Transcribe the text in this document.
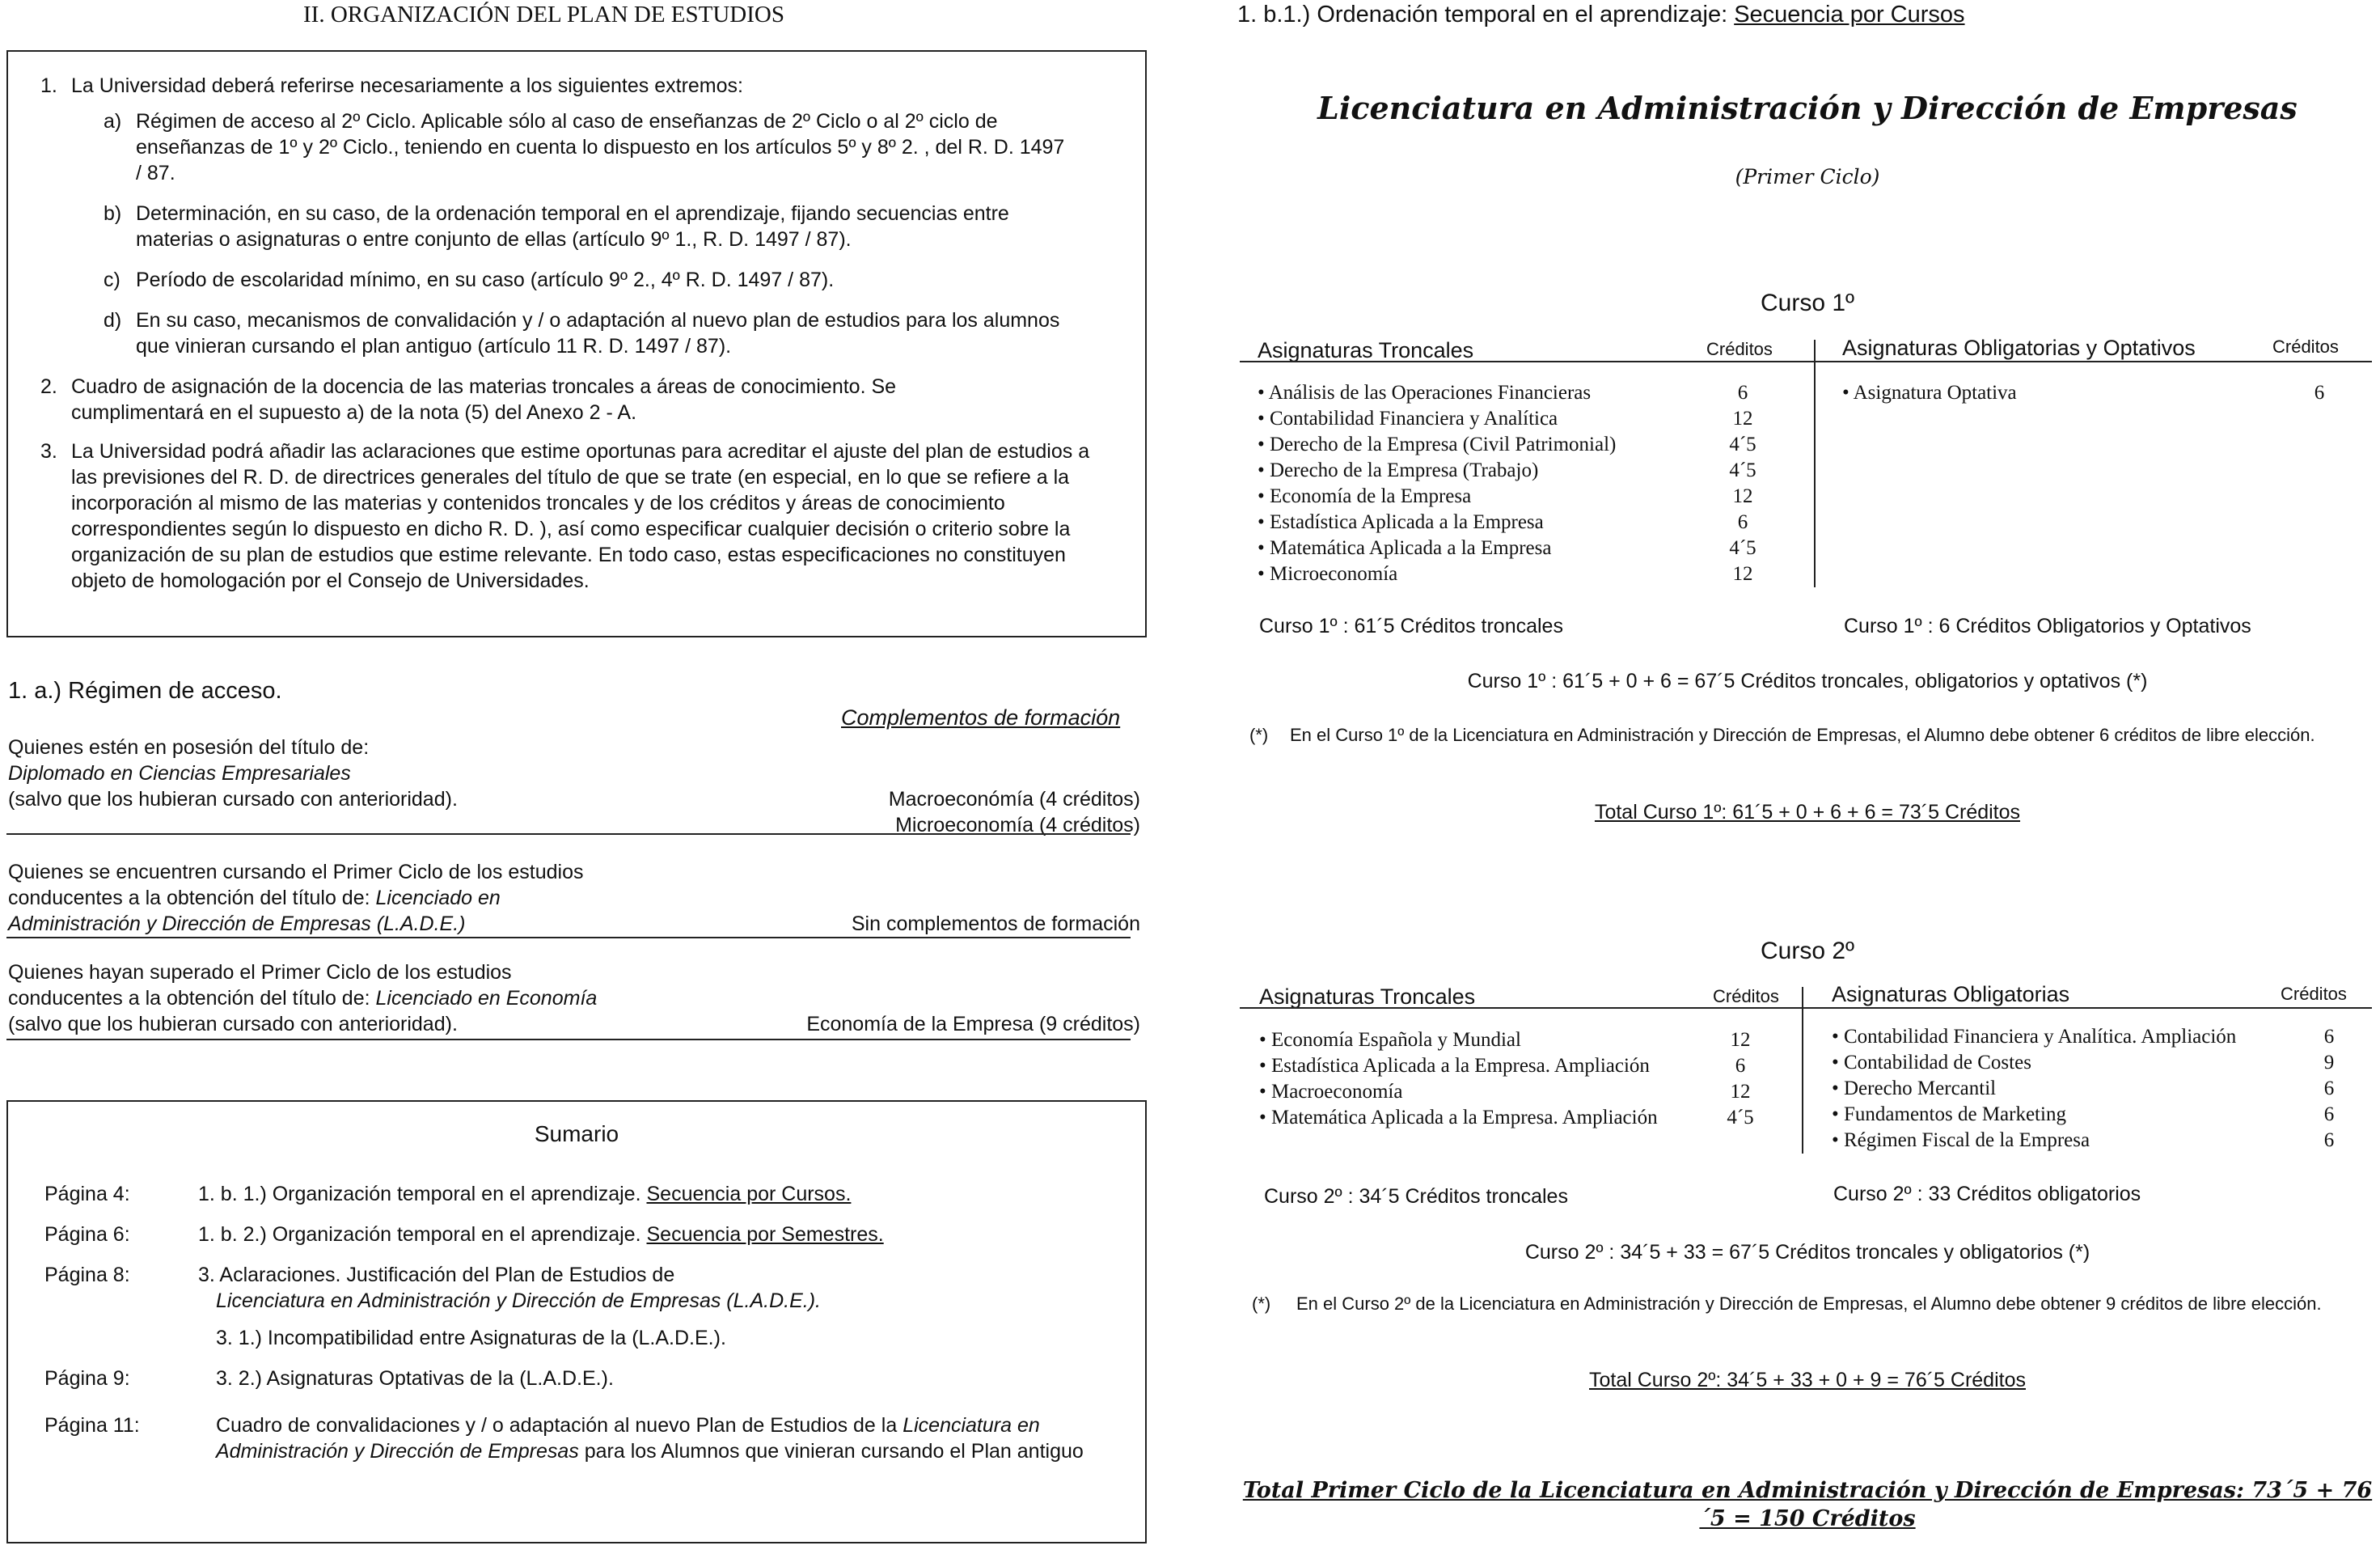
II. ORGANIZACIÓN DEL PLAN DE ESTUDIOS
1. La Universidad deberá referirse necesariamente a los siguientes extremos:
a) Régimen de acceso al 2º Ciclo. Aplicable sólo al caso de enseñanzas de 2º Ciclo o al 2º ciclo de enseñanzas de 1º y 2º Ciclo., teniendo en cuenta lo dispuesto en los artículos 5º y 8º 2. , del R. D. 1497 / 87.
b) Determinación, en su caso, de la ordenación temporal en el aprendizaje, fijando secuencias entre materias o asignaturas o entre conjunto de ellas (artículo 9º 1., R. D. 1497 / 87).
c) Período de escolaridad mínimo, en su caso (artículo 9º 2., 4º R. D. 1497 / 87).
d) En su caso, mecanismos de convalidación y / o adaptación al nuevo plan de estudios para los alumnos que vinieran cursando el plan antiguo (artículo 11 R. D. 1497 / 87).
2. Cuadro de asignación de la docencia de las materias troncales a áreas de conocimiento. Se cumplimentará en el supuesto a) de la nota (5) del Anexo 2 - A.
3. La Universidad podrá añadir las aclaraciones que estime oportunas para acreditar el ajuste del plan de estudios a las previsiones del R. D. de directrices generales del título de que se trate (en especial, en lo que se refiere a la incorporación al mismo de las materias y contenidos troncales y de los créditos y áreas de conocimiento correspondientes según lo dispuesto en dicho R. D. ), así como especificar cualquier decisión o criterio sobre la organización de su plan de estudios que estime relevante. En todo caso, estas especificaciones no constituyen objeto de homologación por el Consejo de Universidades.
1. a.) Régimen de acceso.
Complementos de formación
Quienes estén en posesión del título de:
Diplomado en Ciencias Empresariales
(salvo que los hubieran cursado con anterioridad).	Macroeconómía (4 créditos)
Microeconomía (4 créditos)
Quienes se encuentren cursando el Primer Ciclo de los estudios
conducentes a la obtención del título de: Licenciado en
Administración y Dirección de Empresas (L.A.D.E.)	Sin complementos de formación
Quienes hayan superado el Primer Ciclo de los estudios
conducentes a la obtención del título de: Licenciado en Economía
(salvo que los hubieran cursado con anterioridad).	Economía de la Empresa (9 créditos)
Sumario
Página 4:	1. b. 1.) Organización temporal en el aprendizaje. Secuencia por Cursos.
Página 6:	1. b. 2.) Organización temporal en el aprendizaje. Secuencia por Semestres.
Página 8:	3. Aclaraciones. Justificación del Plan de Estudios de
Licenciatura en Administración y Dirección de Empresas (L.A.D.E.).
3. 1.) Incompatibilidad entre Asignaturas de la (L.A.D.E.).
Página 9:	3. 2.) Asignaturas Optativas de la (L.A.D.E.).
Página 11:	Cuadro de convalidaciones y / o adaptación al nuevo Plan de Estudios de la Licenciatura en Administración y Dirección de Empresas para los Alumnos que vinieran cursando el Plan antiguo
1. b.1.) Ordenación temporal en el aprendizaje: Secuencia por Cursos
Licenciatura en Administración y Dirección de Empresas
(Primer Ciclo)
Curso 1º
Asignaturas Troncales	Créditos	Asignaturas Obligatorias y Optativos	Créditos
• Análisis de las Operaciones Financieras	6
• Contabilidad Financiera y Analítica	12
• Derecho de la Empresa (Civil Patrimonial)	4´5
• Derecho de la Empresa (Trabajo)	4´5
• Economía de la Empresa	12
• Estadística Aplicada a la Empresa	6
• Matemática Aplicada a la Empresa	4´5
• Microeconomía	12
• Asignatura Optativa	6
Curso 1º : 61´5 Créditos troncales	Curso 1º : 6 Créditos Obligatorios y Optativos
Curso 1º : 61´5 + 0 + 6 = 67´5 Créditos troncales, obligatorios y optativos (*)
(*) En el Curso 1º de la Licenciatura en Administración y Dirección de Empresas, el Alumno debe obtener 6 créditos de libre elección.
Total Curso 1º: 61´5 + 0 + 6 + 6 = 73´5 Créditos
Curso 2º
Asignaturas Troncales	Créditos Asignaturas Obligatorias	Créditos
• Economía Española y Mundial	12
• Estadística Aplicada a la Empresa. Ampliación	6
• Macroeconomía	12
• Matemática Aplicada a la Empresa. Ampliación	4´5
• Contabilidad Financiera y Analítica. Ampliación	6
• Contabilidad de Costes	9
• Derecho Mercantil	6
• Fundamentos de Marketing	6
• Régimen Fiscal de la Empresa	6
Curso 2º : 34´5 Créditos troncales	Curso 2º : 33 Créditos obligatorios
Curso 2º : 34´5 + 33 = 67´5 Créditos troncales y obligatorios (*)
(*) En el Curso 2º de la Licenciatura en Administración y Dirección de Empresas, el Alumno debe obtener 9 créditos de libre elección.
Total Curso 2º: 34´5 + 33 + 0 + 9 = 76´5 Créditos
Total Primer Ciclo de la Licenciatura en Administración y Dirección de Empresas: 73´5 + 76´5 = 150 Créditos
